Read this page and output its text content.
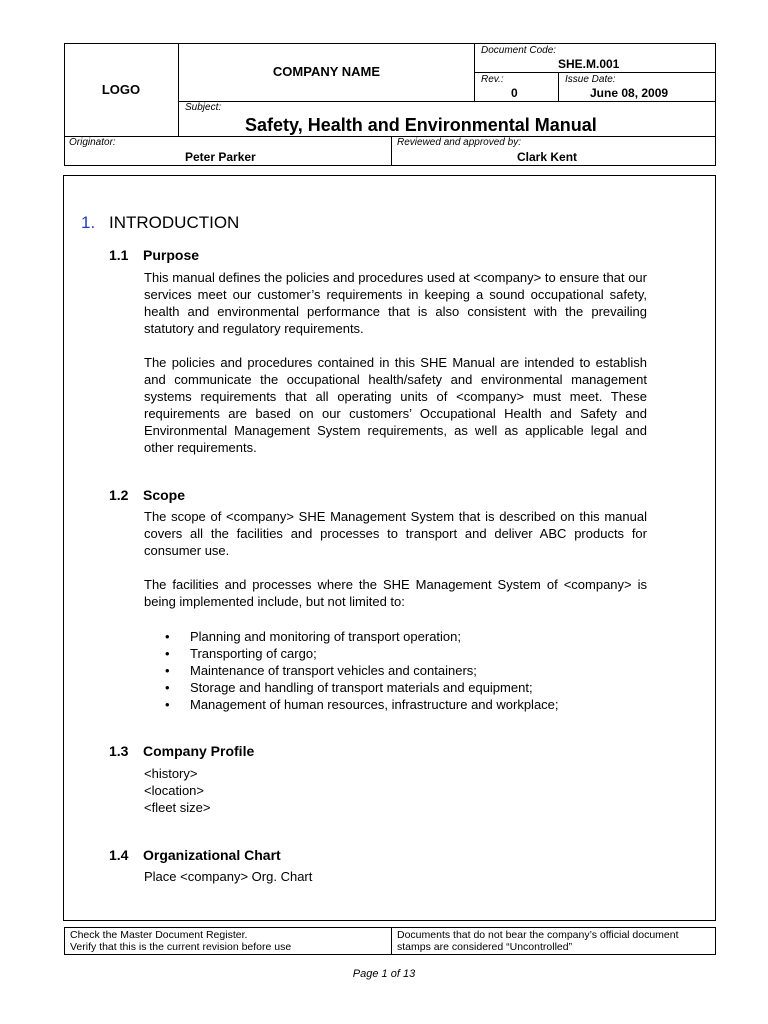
LOGO
COMPANY NAME
Document Code:
SHE.M.001
Rev.:
0
Issue Date:
June 08, 2009
Subject:
Safety, Health and Environmental Manual
Originator:
Peter Parker
Reviewed and approved by:
Clark Kent
1. INTRODUCTION
1.1 Purpose

This manual defines the policies and procedures used at <company> to ensure that our services meet our customer’s requirements in keeping a sound occupational safety, health and environmental performance that is also consistent with the prevailing statutory and regulatory requirements.

The policies and procedures contained in this SHE Manual are intended to establish and communicate the occupational health/safety and environmental management systems requirements that all operating units of <company> must meet. These requirements are based on our customers’ Occupational Health and Safety and Environmental Management System requirements, as well as applicable legal and other requirements.

1.2 Scope

The scope of <company> SHE Management System that is described on this manual covers all the facilities and processes to transport and deliver ABC products for consumer use.

The facilities and processes where the SHE Management System of <company> is being implemented include, but not limited to:

• Planning and monitoring of transport operation;
• Transporting of cargo;
• Maintenance of transport vehicles and containers;
• Storage and handling of transport materials and equipment;
• Management of human resources, infrastructure and workplace;
1.3 Company Profile
<history>
<location>
<fleet size>
1.4 Organizational Chart
Place <company> Org. Chart
Check the Master Document Register.
Verify that this is the current revision before use
Documents that do not bear the company’s official document
stamps are considered “Uncontrolled”
Page 1 of 13
